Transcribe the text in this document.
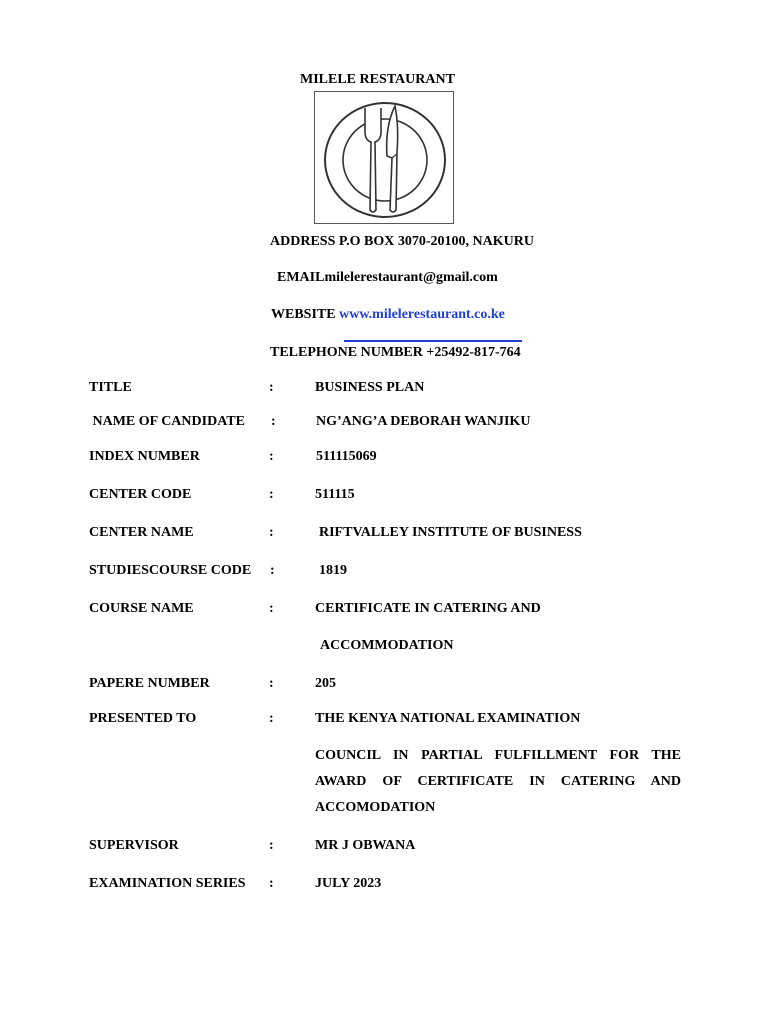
MILELE RESTAURANT
ADDRESS P.O BOX 3070-20100, NAKURU
EMAILmilelerestaurant@gmail.com
WEBSITE www.milelerestaurant.co.ke
TELEPHONE NUMBER +25492-817-764
TITLE	:	BUSINESS PLAN
NAME OF CANDIDATE :	NG’ANG’A DEBORAH WANJIKU
INDEX NUMBER	:	511115069
CENTER CODE	:	511115
CENTER NAME	:	RIFTVALLEY INSTITUTE OF BUSINESS
STUDIESCOURSE CODE :	1819
COURSE NAME	:	CERTIFICATE IN CATERING AND
ACCOMMODATION
PAPERE NUMBER	:	205
PRESENTED TO	:	THE KENYA NATIONAL EXAMINATION
COUNCIL IN PARTIAL FULFILLMENT FOR THE AWARD OF CERTIFICATE IN CATERING AND ACCOMODATION
SUPERVISOR	:	MR J OBWANA
EXAMINATION SERIES :	JULY 2023
